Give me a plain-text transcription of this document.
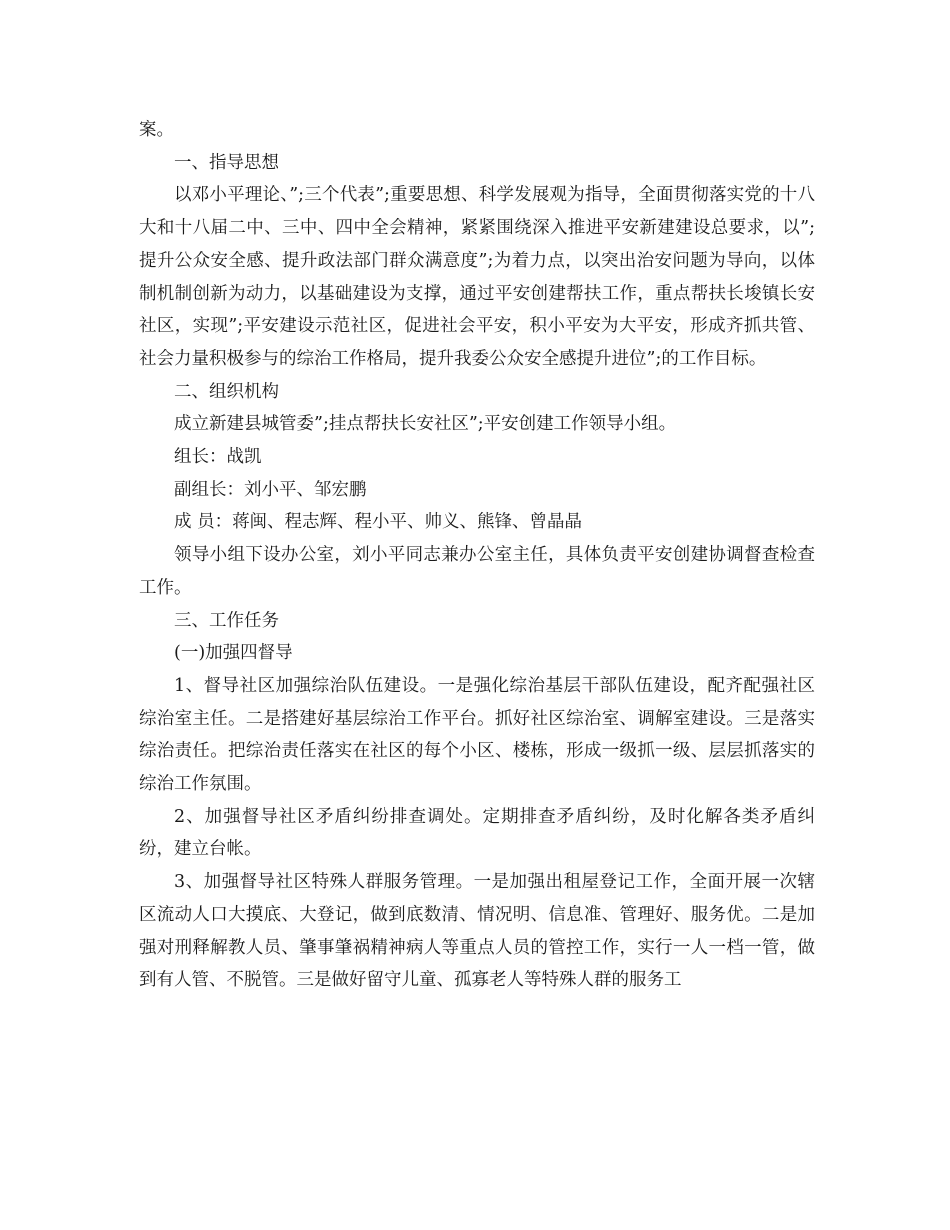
案。

一、指导思想

以邓小平理论、”;三个代表”;重要思想、科学发展观为指导，全面贯彻落实党的十八大和十八届二中、三中、四中全会精神，紧紧围绕深入推进平安新建建设总要求，以”;提升公众安全感、提升政法部门群众满意度”;为着力点，以突出治安问题为导向，以体制机制创新为动力，以基础建设为支撑，通过平安创建帮扶工作，重点帮扶长埈镇长安社区，实现”;平安建设示范社区，促进社会平安，积小平安为大平安，形成齐抓共管、社会力量积极参与的综治工作格局，提升我委公众安全感提升进位”;的工作目标。

二、组织机构

成立新建县城管委”;挂点帮扶长安社区”;平安创建工作领导小组。

组长：战凯

副组长：刘小平、邹宏鹏

成 员：蒋闽、程志辉、程小平、帅义、熊锋、曾晶晶

领导小组下设办公室，刘小平同志兼办公室主任，具体负责平安创建协调督查检查工作。

三、工作任务

(一)加强四督导

1、督导社区加强综治队伍建设。一是强化综治基层干部队伍建设，配齐配强社区综治室主任。二是搭建好基层综治工作平台。抓好社区综治室、调解室建设。三是落实综治责任。把综治责任落实在社区的每个小区、楼栋，形成一级抓一级、层层抓落实的综治工作氛围。

2、加强督导社区矛盾纠纷排查调处。定期排查矛盾纠纷，及时化解各类矛盾纠纷，建立台帐。

3、加强督导社区特殊人群服务管理。一是加强出租屋登记工作，全面开展一次辖区流动人口大摸底、大登记，做到底数清、情况明、信息准、管理好、服务优。二是加强对刑释解教人员、肇事肇祸精神病人等重点人员的管控工作，实行一人一档一管，做到有人管、不脱管。三是做好留守儿童、孤寡老人等特殊人群的服务工
